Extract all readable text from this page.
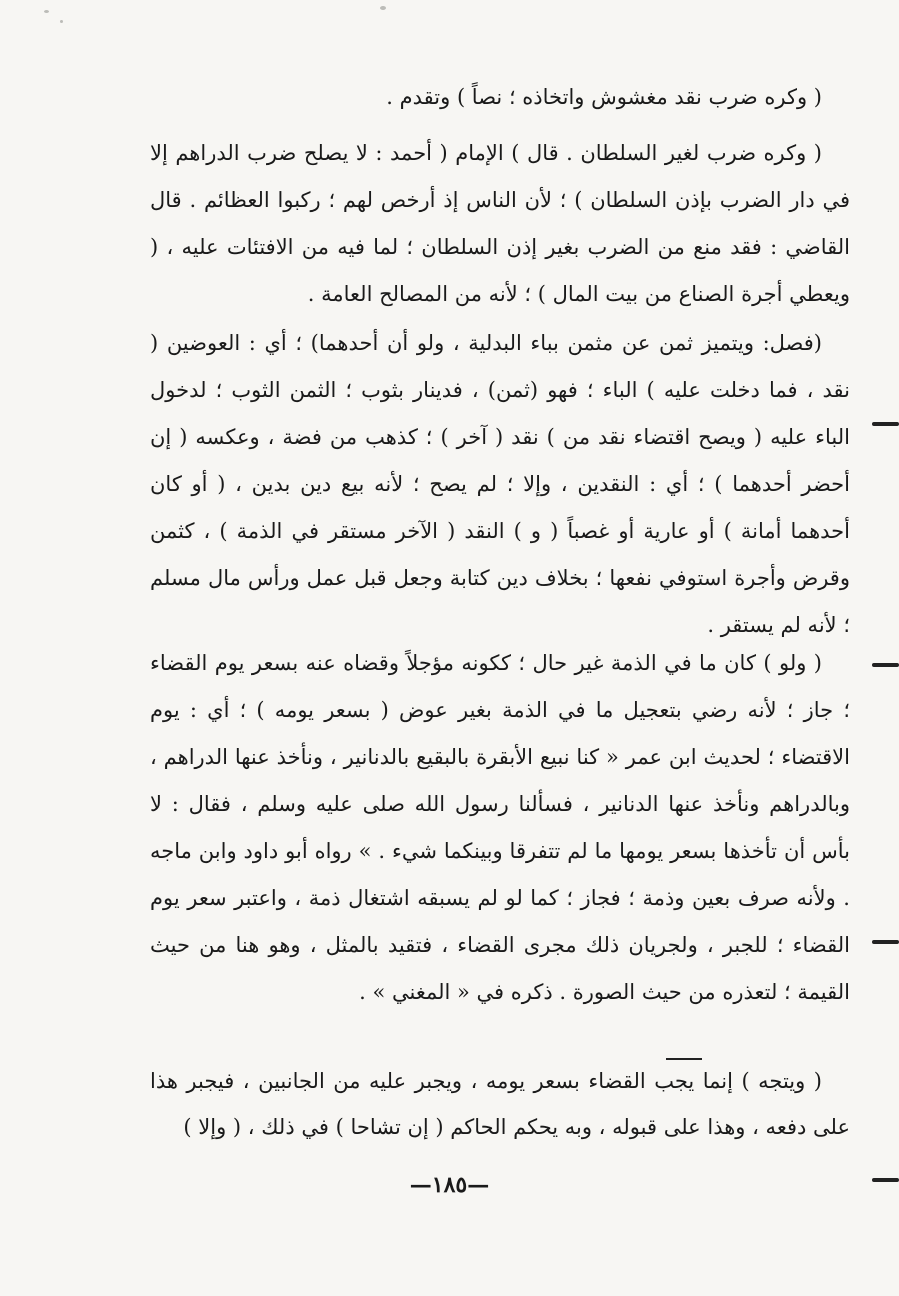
( وكره ضرب نقد مغشوش واتخاذه ؛ نصاً ) وتقدم .

( وكره ضرب لغير السلطان . قال ) الإمام ( أحمد : لا يصلح ضرب الدراهم إلا في دار الضرب بإذن السلطان ) ؛ لأن الناس إذ أرخص لهم ؛ ركبوا العظائم . قال القاضي : فقد منع من الضرب بغير إذن السلطان ؛ لما فيه من الافتئات عليه ، ( ويعطي أجرة الصناع من بيت المال ) ؛ لأنه من المصالح العامة .

(فصل: ويتميز ثمن عن مثمن بباء البدلية ، ولو أن أحدهما) ؛ أي : العوضين ( نقد ، فما دخلت عليه ) الباء ؛ فهو (ثمن) ، فدينار بثوب ؛ الثمن الثوب ؛ لدخول الباء عليه ( ويصح اقتضاء نقد من ) نقد ( آخر ) ؛ كذهب من فضة ، وعكسه ( إن أحضر أحدهما ) ؛ أي : النقدين ، وإلا ؛ لم يصح ؛ لأنه بيع دين بدين ، ( أو كان أحدهما أمانة ) أو عارية أو غصباً ( و ) النقد ( الآخر مستقر في الذمة ) ، كثمن وقرض وأجرة استوفي نفعها ؛ بخلاف دين كتابة وجعل قبل عمل ورأس مال مسلم ؛ لأنه لم يستقر .

( ولو ) كان ما في الذمة غير حال ؛ ككونه مؤجلاً وقضاه عنه بسعر يوم القضاء ؛ جاز ؛ لأنه رضي بتعجيل ما في الذمة بغير عوض ( بسعر يومه ) ؛ أي : يوم الاقتضاء ؛ لحديث ابن عمر « كنا نبيع الأبقرة بالبقيع بالدنانير ، ونأخذ عنها الدراهم ، وبالدراهم ونأخذ عنها الدنانير ، فسألنا رسول الله صلى عليه وسلم ، فقال : لا بأس أن تأخذها بسعر يومها ما لم تتفرقا وبينكما شيء . » رواه أبو داود وابن ماجه . ولأنه صرف بعين وذمة ؛ فجاز ؛ كما لو لم يسبقه اشتغال ذمة ، واعتبر سعر يوم القضاء ؛ للجبر ، ولجريان ذلك مجرى القضاء ، فتقيد بالمثل ، وهو هنا من حيث القيمة ؛ لتعذره من حيث الصورة . ذكره في « المغني » .

( ويتجه ) إنما يجب القضاء بسعر يومه ، ويجبر عليه من الجانبين ، فيجبر هذا على دفعه ، وهذا على قبوله ، وبه يحكم الحاكم ( إن تشاحا ) في ذلك ، ( وإلا )

—١٨٥—
